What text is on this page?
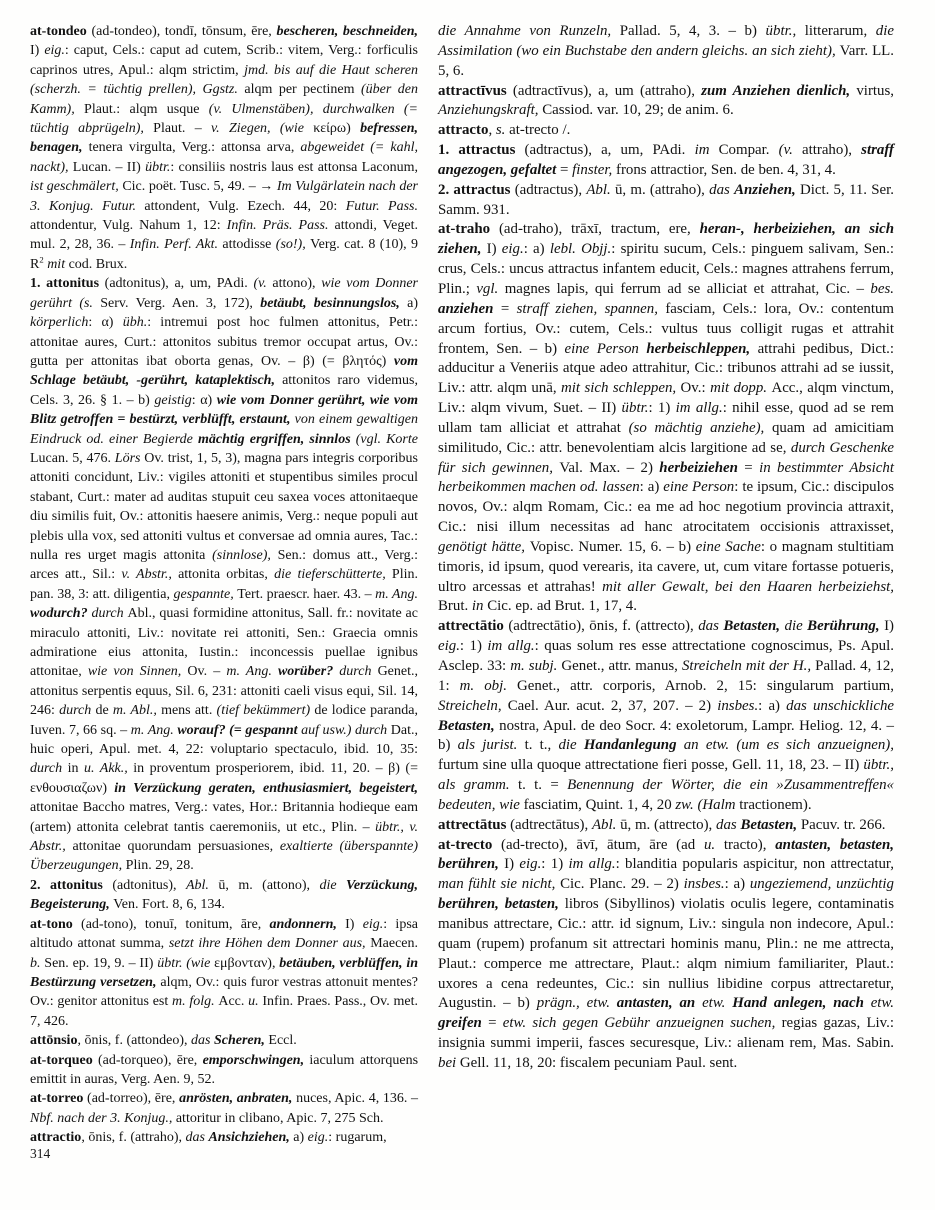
at-tondeo (ad-tondeo), tondī, tōnsum, ēre, bescheren, beschneiden, I) eig.: caput, Cels.: caput ad cutem, Scrib.: vitem, Verg.: forficulis caprinos utres, Apul.: alqm strictim, jmd. bis auf die Haut scheren (scherzh. = tüchtig prellen), Ggstz. alqm per pectinem (über den Kamm), Plaut.: alqm usque (v. Ulmenstäben), durchwalken (= tüchtig abprügeln), Plaut. – v. Ziegen, (wie κείρω) befressen, benagen, tenera virgulta, Verg.: attonsa arva, abgeweidet (= kahl, nackt), Lucan. – II) übtr.: consiliis nostris laus est attonsa Laconum, ist geschmälert, Cic. poët. Tusc. 5, 49. – → Im Vulgärlatein nach der 3. Konjug. Futur. attondent, Vulg. Ezech. 44, 20: Futur. Pass. attondentur, Vulg. Nahum 1, 12: Infin. Präs. Pass. attondi, Veget. mul. 2, 28, 36. – Infin. Perf. Akt. attodisse (so!), Verg. cat. 8 (10), 9 $R^2$ mit cod. Brux.

1. attonitus (adtonitus), a, um, PAdi. (v. attono), wie vom Donner gerührt (s. Serv. Verg. Aen. 3, 172), betäubt, besinnungslos, a) körperlich: α) übh.: intremui post hoc fulmen attonitus, Petr.: attonitae aures, Curt.: attonitos subitus tremor occupat artus, Ov.: gutta per attonitas ibat oborta genas, Ov. – β) (= βλητός) vom Schlage betäubt, -gerührt, kataplektisch, attonitos raro videmus, Cels. 3, 26. § 1. – b) geistig: α) wie vom Donner gerührt, wie vom Blitz getroffen = bestürzt, verblüfft, erstaunt, von einem gewaltigen Eindruck od. einer Begierde mächtig ergriffen, sinnlos (vgl. Korte Lucan. 5, 476. Lörs Ov. trist, 1, 5, 3), magna pars integris corporibus attoniti concidunt, Liv.: vigiles attoniti et stupentibus similes procul stabant, Curt.: mater ad auditas stupuit ceu saxea voces attonitaeque diu similis fuit, Ov.: attonitis haesere animis, Verg.: neque populi aut plebis ulla vox, sed attoniti vultus et conversae ad omnia aures, Tac.: nulla res urget magis attonita (sinnlose), Sen.: domus att., Verg.: arces att., Sil.: v. Abstr., attonita orbitas, die tieferschütterte, Plin. pan. 38, 3: att. diligentia, gespannte, Tert. praescr. haer. 43. – m. Ang. wodurch? durch Abl., quasi formidine attonitus, Sall. fr.: novitate ac miraculo attoniti, Liv.: novitate rei attoniti, Sen.: Graecia omnis admiratione eius attonita, Iustin.: inconcessis puellae ignibus attonitae, wie von Sinnen, Ov. – m. Ang. worüber? durch Genet., attonitus serpentis equus, Sil. 6, 231: attoniti caeli visus equi, Sil. 14, 246: durch de m. Abl., mens att. (tief bekümmert) de lodice paranda, Iuven. 7, 66 sq. – m. Ang. worauf? (= gespannt auf usw.) durch Dat., huic operi, Apul. met. 4, 22: voluptario spectaculo, ibid. 10, 35: durch in u. Akk., in proventum prosperiorem, ibid. 11, 20. – β) (= ενθουσιαζων) in Verzückung geraten, enthusiasmiert, begeistert, attonitae Baccho matres, Verg.: vates, Hor.: Britannia hodieque eam (artem) attonita celebrat tantis caeremoniis, ut etc., Plin. – übtr., v. Abstr., attonitae quorundam persuasiones, exaltierte (überspannte) Überzeugungen, Plin. 29, 28.

2. attonitus (adtonitus), Abl. ū, m. (attono), die Verzückung, Begeisterung, Ven. Fort. 8, 6, 134.

at-tono (ad-tono), tonuī, tonitum, āre, andonnern, I) eig.: ipsa altitudo attonat summa, setzt ihre Höhen dem Donner aus, Maecen. b. Sen. ep. 19, 9. – II) übtr. (wie εμβονταν), betäuben, verblüffen, in Bestürzung versetzen, alqm, Ov.: quis furor vestras attonuit mentes? Ov.: genitor attonitus est m. folg. Acc. u. Infin. Praes. Pass., Ov. met. 7, 426.

attōnsio, ōnis, f. (attondeo), das Scheren, Eccl.

at-torqueo (ad-torqueo), ēre, emporschwingen, iaculum attorquens emittit in auras, Verg. Aen. 9, 52.

at-torreo (ad-torreo), ēre, anrösten, anbraten, nuces, Apic. 4, 136. – Nbf. nach der 3. Konjug., attoritur in clibano, Apic. 7, 275 Sch.

attractio, ōnis, f. (attraho), das Ansichziehen, a) eig.: rugarum,

die Annahme von Runzeln, Pallad. 5, 4, 3. – b) übtr., litterarum, die Assimilation (wo ein Buchstabe den andern gleichs. an sich zieht), Varr. LL. 5, 6.

attractīvus (adtractīvus), a, um (attraho), zum Anziehen dienlich, virtus, Anziehungskraft, Cassiod. var. 10, 29; de anim. 6.

attracto, s. at-trecto /.

1. attractus (adtractus), a, um, PAdi. im Compar. (v. attraho), straff angezogen, gefaltet = finster, frons attractior, Sen. de ben. 4, 31, 4.

2. attractus (adtractus), Abl. ū, m. (attraho), das Anziehen, Dict. 5, 11. Ser. Samm. 931.

at-traho (ad-traho), trāxī, tractum, ere, heran-, herbeiziehen, an sich ziehen, I) eig.: a) lebl. Objj.: spiritu sucum, Cels.: pinguem salivam, Sen.: crus, Cels.: uncus attractus infantem educit, Cels.: magnes attrahens ferrum, Plin.; vgl. magnes lapis, qui ferrum ad se alliciat et attrahat, Cic. – bes. anziehen = straff ziehen, spannen, fasciam, Cels.: lora, Ov.: contentum arcum fortius, Ov.: cutem, Cels.: vultus tuus colligit rugas et attrahit frontem, Sen. – b) eine Person herbeischleppen, attrahi pedibus, Dict.: adducitur a Veneriis atque adeo attrahitur, Cic.: tribunos attrahi ad se iussit, Liv.: attr. alqm unā, mit sich schleppen, Ov.: mit dopp. Acc., alqm vinctum, Liv.: alqm vivum, Suet. – II) übtr.: 1) im allg.: nihil esse, quod ad se rem ullam tam alliciat et attrahat (so mächtig anziehe), quam ad amicitiam similitudo, Cic.: attr. benevolentiam alcis largitione ad se, durch Geschenke für sich gewinnen, Val. Max. – 2) herbeiziehen = in bestimmter Absicht herbeikommen machen od. lassen: a) eine Person: te ipsum, Cic.: discipulos novos, Ov.: alqm Romam, Cic.: ea me ad hoc negotium provincia attraxit, Cic.: nisi illum necessitas ad hanc atrocitatem occisionis attraxisset, genötigt hätte, Vopisc. Numer. 15, 6. – b) eine Sache: o magnam stultitiam timoris, id ipsum, quod verearis, ita cavere, ut, cum vitare fortasse potueris, ultro arcessas et attrahas! mit aller Gewalt, bei den Haaren herbeiziehst, Brut. in Cic. ep. ad Brut. 1, 17, 4.

attrectātio (adtrectātio), ōnis, f. (attrecto), das Betasten, die Berührung, I) eig.: 1) im allg.: quas solum res esse attrectatione cognoscimus, Ps. Apul. Asclep. 33: m. subj. Genet., attr. manus, Streicheln mit der H., Pallad. 4, 12, 1: m. obj. Genet., attr. corporis, Arnob. 2, 15: singularum partium, Streicheln, Cael. Aur. acut. 2, 37, 207. – 2) insbes.: a) das unschickliche Betasten, nostra, Apul. de deo Socr. 4: exoletorum, Lampr. Heliog. 12, 4. – b) als jurist. t. t., die Handanlegung an etw. (um es sich anzueignen), furtum sine ulla quoque attrectatione fieri posse, Gell. 11, 18, 23. – II) übtr., als gramm. t. t. = Benennung der Wörter, die ein »Zusammentreffen« bedeuten, wie fasciatim, Quint. 1, 4, 20 zw. (Halm tractionem).

attrectātus (adtrectātus), Abl. ū, m. (attrecto), das Betasten, Pacuv. tr. 266.

at-trecto (ad-trecto), āvī, ātum, āre (ad u. tracto), antasten, betasten, berühren, I) eig.: 1) im allg.: blanditia popularis aspicitur, non attrectatur, man fühlt sie nicht, Cic. Planc. 29. – 2) insbes.: a) ungeziemend, unzüchtig berühren, betasten, libros (Sibyllinos) violatis oculis legere, contaminatis manibus attrectare, Cic.: attr. id signum, Liv.: singula non indecore, Apul.: quam (rupem) profanum sit attrectari hominis manu, Plin.: ne me attrecta, Plaut.: comperce me attrectare, Plaut.: alqm nimium familiariter, Plaut.: uxores a cena redeuntes, Cic.: sin nullius libidine corpus attrectaretur, Augustin. – b) prägn., etw. antasten, an etw. Hand anlegen, nach etw. greifen = etw. sich gegen Gebühr anzueignen suchen, regias gazas, Liv.: insignia summi imperii, fasces securesque, Liv.: alienam rem, Mas. Sabin. bei Gell. 11, 18, 20: fiscalem pecuniam Paul. sent.

314
